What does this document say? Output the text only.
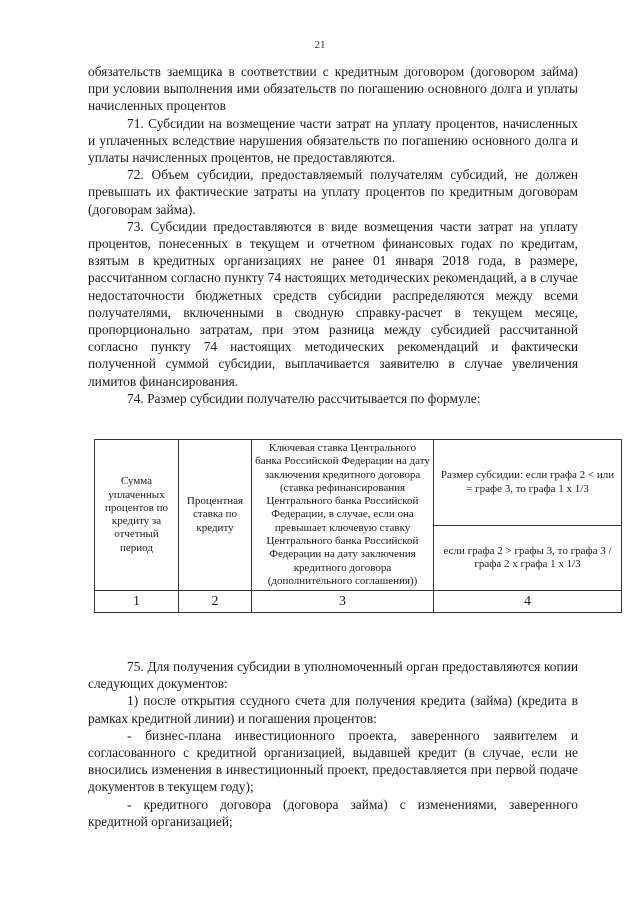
21

обязательств заемщика в соответствии с кредитным договором (договором займа) при условии выполнения ими обязательств по погашению основного долга и уплаты начисленных процентов

71. Субсидии на возмещение части затрат на уплату процентов, начисленных и уплаченных вследствие нарушения обязательств по погашению основного долга и уплаты начисленных процентов, не предоставляются.

72. Объем субсидии, предоставляемый получателям субсидий, не должен превышать их фактические затраты на уплату процентов по кредитным договорам (договорам займа).

73. Субсидии предоставляются в виде возмещения части затрат на уплату процентов, понесенных в текущем и отчетном финансовых годах по кредитам, взятым в кредитных организациях не ранее 01 января 2018 года, в размере, рассчитанном согласно пункту 74 настоящих методических рекомендаций, а в случае недостаточности бюджетных средств субсидии распределяются между всеми получателями, включенными в сводную справку-расчет в текущем месяце, пропорционально затратам, при этом разница между субсидией рассчитанной согласно пункту 74 настоящих методических рекомендаций и фактически полученной суммой субсидии, выплачивается заявителю в случае увеличения лимитов финансирования.

74. Размер субсидии получателю рассчитывается по формуле:

Сумма уплаченных процентов по кредиту за отчетный период	Процентная ставка по кредиту	Ключевая ставка Центрального банка Российской Федерации на дату заключения кредитного договора (ставка рефинансирования Центрального банка Российской Федерации, в случае, если она превышает ключевую ставку Центрального банка Российской Федерации на дату заключения кредитного договора (дополнительного соглашения))	Размер субсидии: если графа 2 < или = графе 3, то графа 1 х 1/3
			если графа 2 > графы 3, то графа 3 / графа 2 х графа 1 х 1/3
1	2	3	4

75. Для получения субсидии в уполномоченный орган предоставляются копии следующих документов:

1) после открытия ссудного счета для получения кредита (займа) (кредита в рамках кредитной линии) и погашения процентов:

- бизнес-плана инвестиционного проекта, заверенного заявителем и согласованного с кредитной организацией, выдавшей кредит (в случае, если не вносились изменения в инвестиционный проект, предоставляется при первой подаче документов в текущем году);

- кредитного договора (договора займа) с изменениями, заверенного кредитной организацией;
